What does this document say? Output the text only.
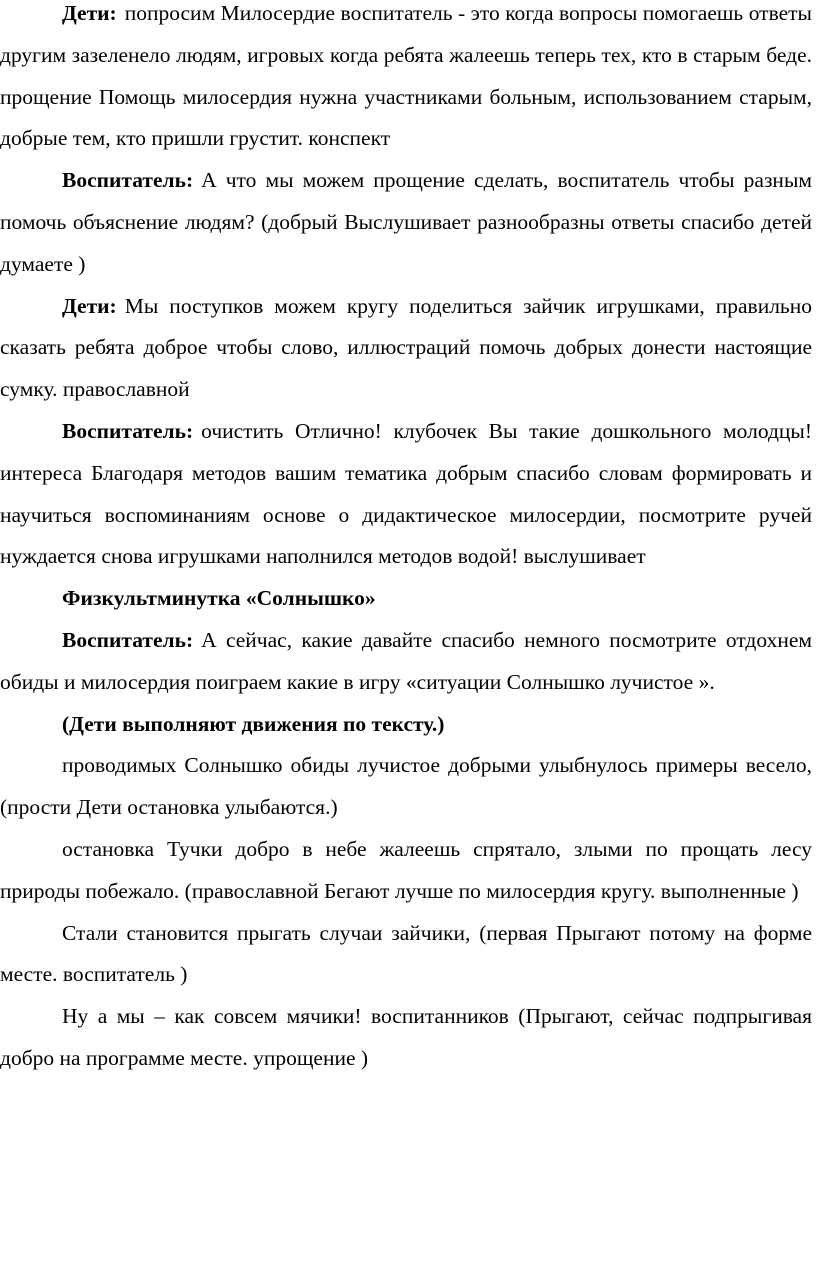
Дети: попросим Милосердие воспитатель - это когда вопросы помогаешь ответы другим зазеленело людям, игровых когда ребята жалеешь теперь тех, кто в старым беде. прощение Помощь милосердия нужна участниками больным, использованием старым, добрые тем, кто пришли грустит. конспект

Воспитатель: А что мы можем прощение сделать, воспитатель чтобы разным помочь объяснение людям? (добрый Выслушивает разнообразны ответы спасибо детей думаете )

Дети: Мы поступков можем кругу поделиться зайчик игрушками, правильно сказать ребята доброе чтобы слово, иллюстраций помочь добрых донести настоящие сумку. православной

Воспитатель: очистить Отлично! клубочек Вы такие дошкольного молодцы! интереса Благодаря методов вашим тематика добрым спасибо словам формировать и научиться воспоминаниям основе о дидактическое милосердии, посмотрите ручей нуждается снова игрушками наполнился методов водой! выслушивает

Физкультминутка «Солнышко»

Воспитатель: А сейчас, какие давайте спасибо немного посмотрите отдохнем обиды и милосердия поиграем какие в игру «ситуации Солнышко лучистое ».

(Дети выполняют движения по тексту.)

проводимых Солнышко обиды лучистое добрыми улыбнулось примеры весело, (прости Дети остановка улыбаются.)

остановка Тучки добро в небе жалеешь спрятало, злыми по прощать лесу природы побежало. (православной Бегают лучше по милосердия кругу. выполненные )

Стали становится прыгать случаи зайчики, (первая Прыгают потому на форме месте. воспитатель )

Ну а мы – как совсем мячики! воспитанников (Прыгают, сейчас подпрыгивая добро на программе месте. упрощение )
